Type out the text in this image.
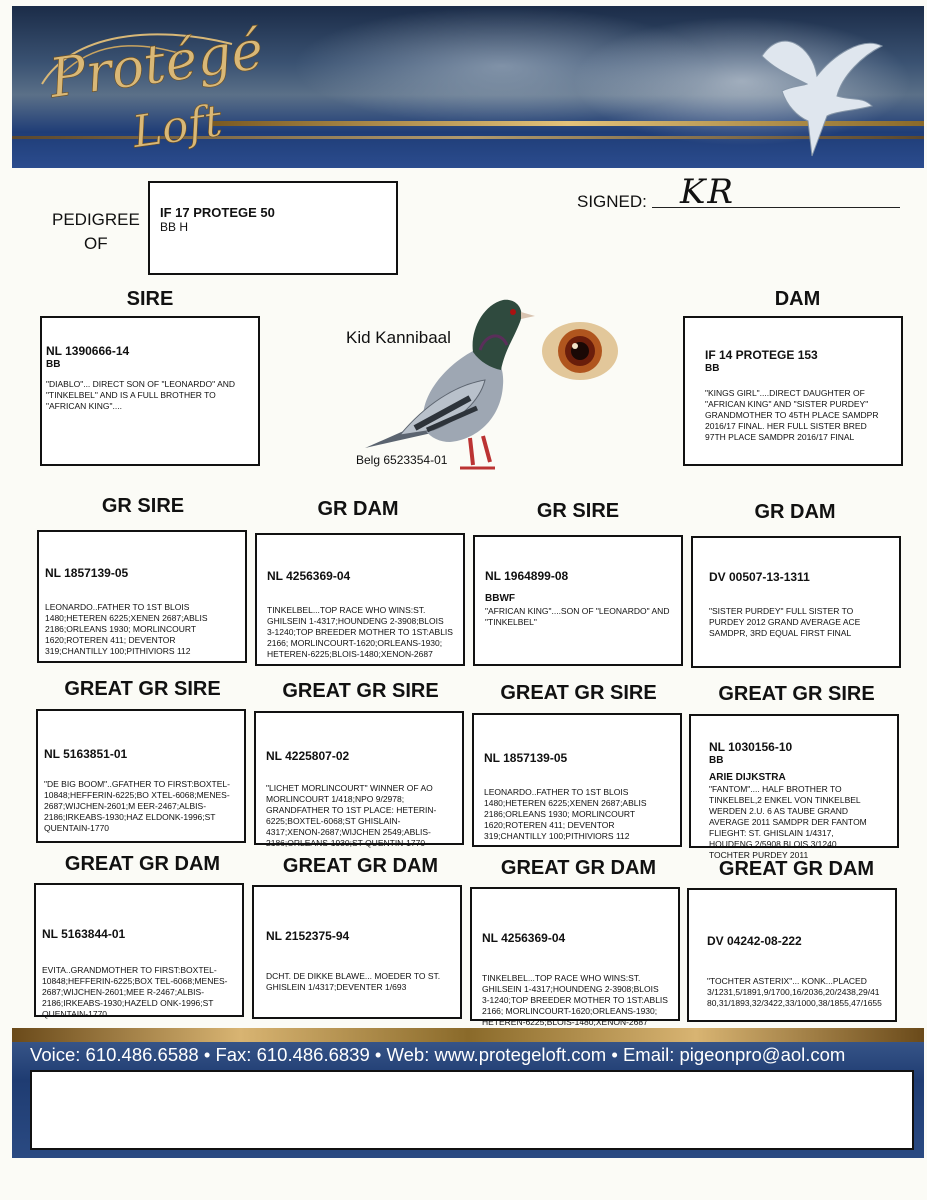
Protégé
Loft
PEDIGREE
OF
IF 17 PROTEGE 50
BB H
SIGNED: KR
SIRE	DAM
NL 1390666-14
BB
"DIABLO"... DIRECT SON OF "LEONARDO" AND "TINKELBEL" AND IS A FULL BROTHER TO "AFRICAN KING"....
IF 14 PROTEGE 153
BB
"KINGS GIRL"....DIRECT DAUGHTER OF "AFRICAN KING" AND "SISTER PURDEY" GRANDMOTHER TO 45TH PLACE SAMDPR 2016/17 FINAL. HER FULL SISTER BRED 97TH PLACE SAMDPR 2016/17 FINAL
Kid Kannibaal
Belg 6523354-01
GR SIRE	GR DAM	GR SIRE	GR DAM
NL 1857139-05
LEONARDO..FATHER TO 1ST BLOIS 1480;HETEREN 6225;XENEN 2687;ABLIS 2186;ORLEANS 1930; MORLINCOURT 1620;ROTEREN 411; DEVENTOR 319;CHANTILLY 100;PITHIVIORS 112
NL 4256369-04
TINKELBEL...TOP RACE WHO WINS:ST. GHILSEIN 1-4317;HOUNDENG 2-3908;BLOIS 3-1240;TOP BREEDER MOTHER TO 1ST:ABLIS 2166; MORLINCOURT-1620;ORLEANS-1930; HETEREN-6225;BLOIS-1480;XENON-2687
NL 1964899-08
BBWF
"AFRICAN KING"....SON OF "LEONARDO" AND "TINKELBEL"
DV 00507-13-1311
"SISTER PURDEY" FULL SISTER TO PURDEY 2012 GRAND AVERAGE ACE SAMDPR, 3RD EQUAL FIRST FINAL
GREAT GR SIRE	GREAT GR SIRE	GREAT GR SIRE	GREAT GR SIRE
NL 5163851-01
"DE BIG BOOM"..GFATHER TO FIRST:BOXTEL-10848;HEFFERIN-6225;BO XTEL-6068;MENES-2687;WIJCHEN-2601;M EER-2467;ALBIS-2186;IRKEABS-1930;HAZ ELDONK-1996;ST QUENTAIN-1770
NL 4225807-02
"LICHET MORLINCOURT" WINNER OF AO MORLINCOURT 1/418;NPO 9/2978; GRANDFATHER TO 1ST PLACE: HETERIN-6225;BOXTEL-6068;ST GHISLAIN-4317;XENON-2687;WIJCHEN 2549;ABLIS-2186;ORLEANS-1930;ST QUENTIN-1770
NL 1857139-05
LEONARDO..FATHER TO 1ST BLOIS 1480;HETEREN 6225;XENEN 2687;ABLIS 2186;ORLEANS 1930; MORLINCOURT 1620;ROTEREN 411; DEVENTOR 319;CHANTILLY 100;PITHIVIORS 112
NL 1030156-10
BB
ARIE DIJKSTRA
"FANTOM".... HALF BROTHER TO TINKELBEL,2 ENKEL VON TINKELBEL WERDEN 2.U. 6 AS TAUBE GRAND AVERAGE 2011 SAMDPR DER FANTOM FLIEGHT: ST. GHISLAIN 1/4317, HOUDENG 2/5908,BLOIS 3/1240. TOCHTER PURDEY 2011
GREAT GR DAM	GREAT GR DAM	GREAT GR DAM	GREAT GR DAM
NL 5163844-01
EVITA..GRANDMOTHER TO FIRST:BOXTEL-10848;HEFFERIN-6225;BOX TEL-6068;MENES-2687;WIJCHEN-2601;MEE R-2467;ALBIS-2186;IRKEABS-1930;HAZELD ONK-1996;ST QUENTAIN-1770
NL 2152375-94
DCHT. DE DIKKE BLAWE... MOEDER TO ST. GHISLEIN 1/4317;DEVENTER 1/693
NL 4256369-04
TINKELBEL...TOP RACE WHO WINS:ST. GHILSEIN 1-4317;HOUNDENG 2-3908;BLOIS 3-1240;TOP BREEDER MOTHER TO 1ST:ABLIS 2166; MORLINCOURT-1620;ORLEANS-1930; HETEREN-6225;BLOIS-1480;XENON-2687
DV 04242-08-222
"TOCHTER ASTERIX"... KONK...PLACED 3/1231,5/1891,9/1700,16/2036,20/2438,29/41 80,31/1893,32/3422,33/1000,38/1855,47/1655
Voice: 610.486.6588 • Fax: 610.486.6839 • Web: www.protegeloft.com • Email: pigeonpro@aol.com
